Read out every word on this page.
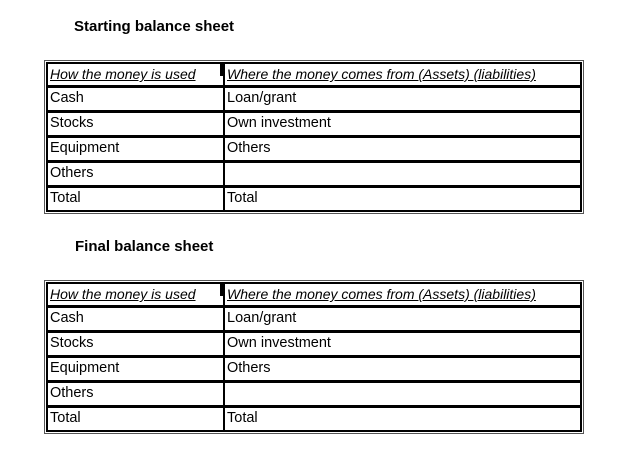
Starting balance sheet
How the money is used	Where the money comes from (Assets) (liabilities)
Cash	Loan/grant
Stocks	Own investment
Equipment	Others
Others
Total	Total
Final balance sheet
How the money is used	Where the money comes from (Assets) (liabilities)
Cash	Loan/grant
Stocks	Own investment
Equipment	Others
Others
Total	Total
